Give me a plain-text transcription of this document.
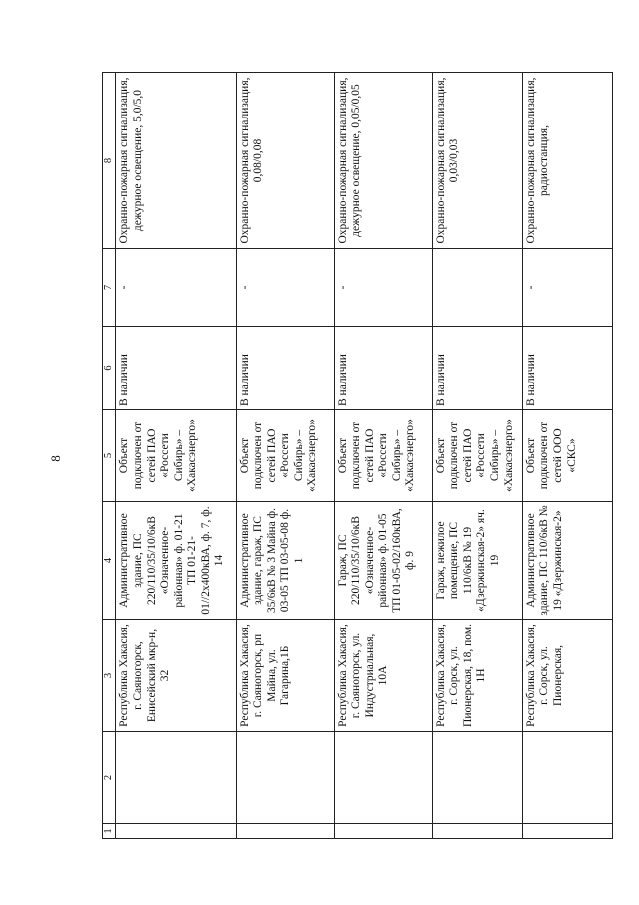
8
1	2	3	4	5	6	7	8
		Республика Хакасия, г. Саяногорск, Енисейский мкр-н, 32	Административное здание, ПС 220/110/35/10/6кВ «Означенное-районная» ф. 01-21 ТП 01-21-01//2х400кВА, ф. 7, ф. 14	Объект подключен от сетей ПАО «Россети Сибирь» – «Хакасэнерго»	В наличии	-	Охранно-пожарная сигнализация, дежурное освещение, 5,0/5,0
		Республика Хакасия, г. Саяногорск, рп Майна, ул. Гагарина,1Б	Административное здание, гараж, ПС 35/6кВ № 3 Майна ф. 03-05 ТП 03-05-08 ф. 1	Объект подключен от сетей ПАО «Россети Сибирь» – «Хакасэнерго»	В наличии	-	Охранно-пожарная сигнализация, 0,08/0,08
		Республика Хакасия, г. Саяногорск, ул. Индустриальная, 10А	Гараж, ПС 220/110/35/10/6кВ «Означенное-районная» ф. 01-05 ТП 01-05-02/160кВА, ф. 9	Объект подключен от сетей ПАО «Россети Сибирь» – «Хакасэнерго»	В наличии	-	Охранно-пожарная сигнализация, дежурное освещение, 0,05/0,05
		Республика Хакасия, г. Сорск, ул. Пионерская, 18, пом. 1Н	Гараж, нежилое помещение, ПС 110/6кВ № 19 «Дзержинская-2» яч. 19	Объект подключен от сетей ПАО «Россети Сибирь» – «Хакасэнерго»	В наличии		Охранно-пожарная сигнализация, 0,03/0,03
		Республика Хакасия, г. Сорск, ул. Пионерская,	Административное здание, ПС 110/6кВ № 19 «Дзержинская-2»	Объект подключен от сетей ООО «СКС»	В наличии	-	Охранно-пожарная сигнализация, радиостанция,
